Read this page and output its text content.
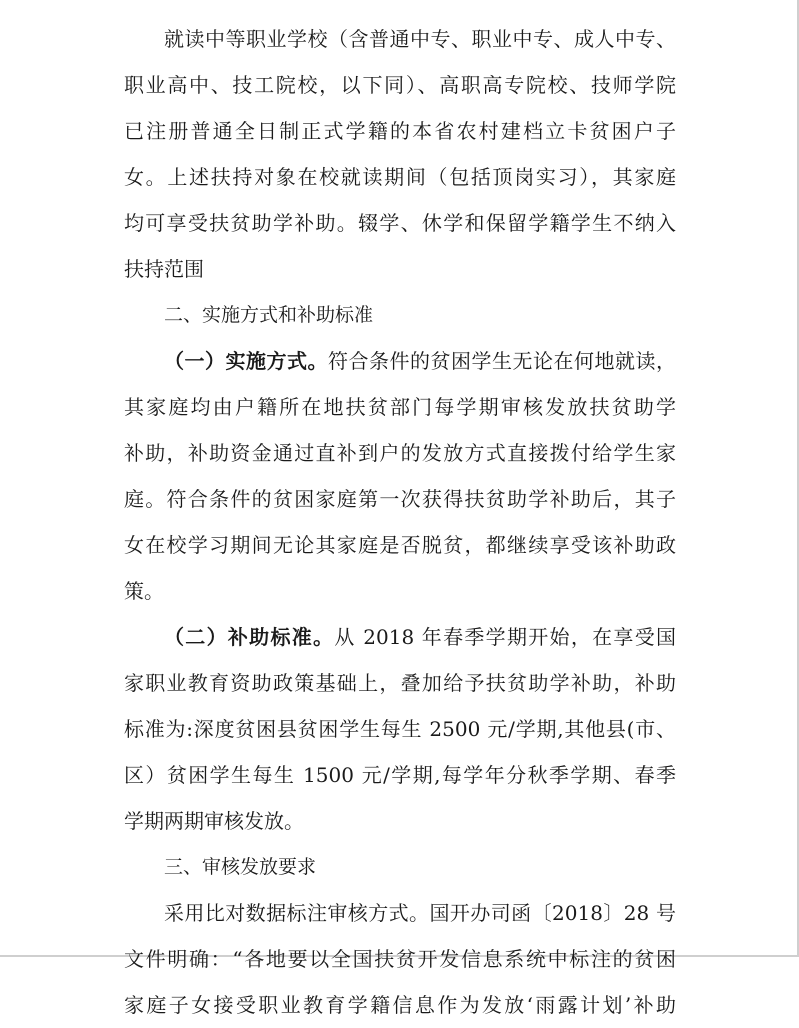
就读中等职业学校（含普通中专、职业中专、成人中专、
职业高中、技工院校，以下同）、高职高专院校、技师学院
已注册普通全日制正式学籍的本省农村建档立卡贫困户子
女。上述扶持对象在校就读期间（包括顶岗实习），其家庭
均可享受扶贫助学补助。辍学、休学和保留学籍学生不纳入
扶持范围
二、实施方式和补助标准
（一）实施方式。符合条件的贫困学生无论在何地就读，
其家庭均由户籍所在地扶贫部门每学期审核发放扶贫助学
补助，补助资金通过直补到户的发放方式直接拨付给学生家
庭。符合条件的贫困家庭第一次获得扶贫助学补助后，其子
女在校学习期间无论其家庭是否脱贫，都继续享受该补助政
策。
（二）补助标准。从 2018 年春季学期开始，在享受国
家职业教育资助政策基础上，叠加给予扶贫助学补助，补助
标准为:深度贫困县贫困学生每生 2500 元/学期,其他县(市、
区）贫困学生每生 1500 元/学期,每学年分秋季学期、春季
学期两期审核发放。
三、审核发放要求
采用比对数据标注审核方式。国开办司函〔2018〕28 号
文件明确：“各地要以全国扶贫开发信息系统中标注的贫困
家庭子女接受职业教育学籍信息作为发放‘雨露计划’补助
